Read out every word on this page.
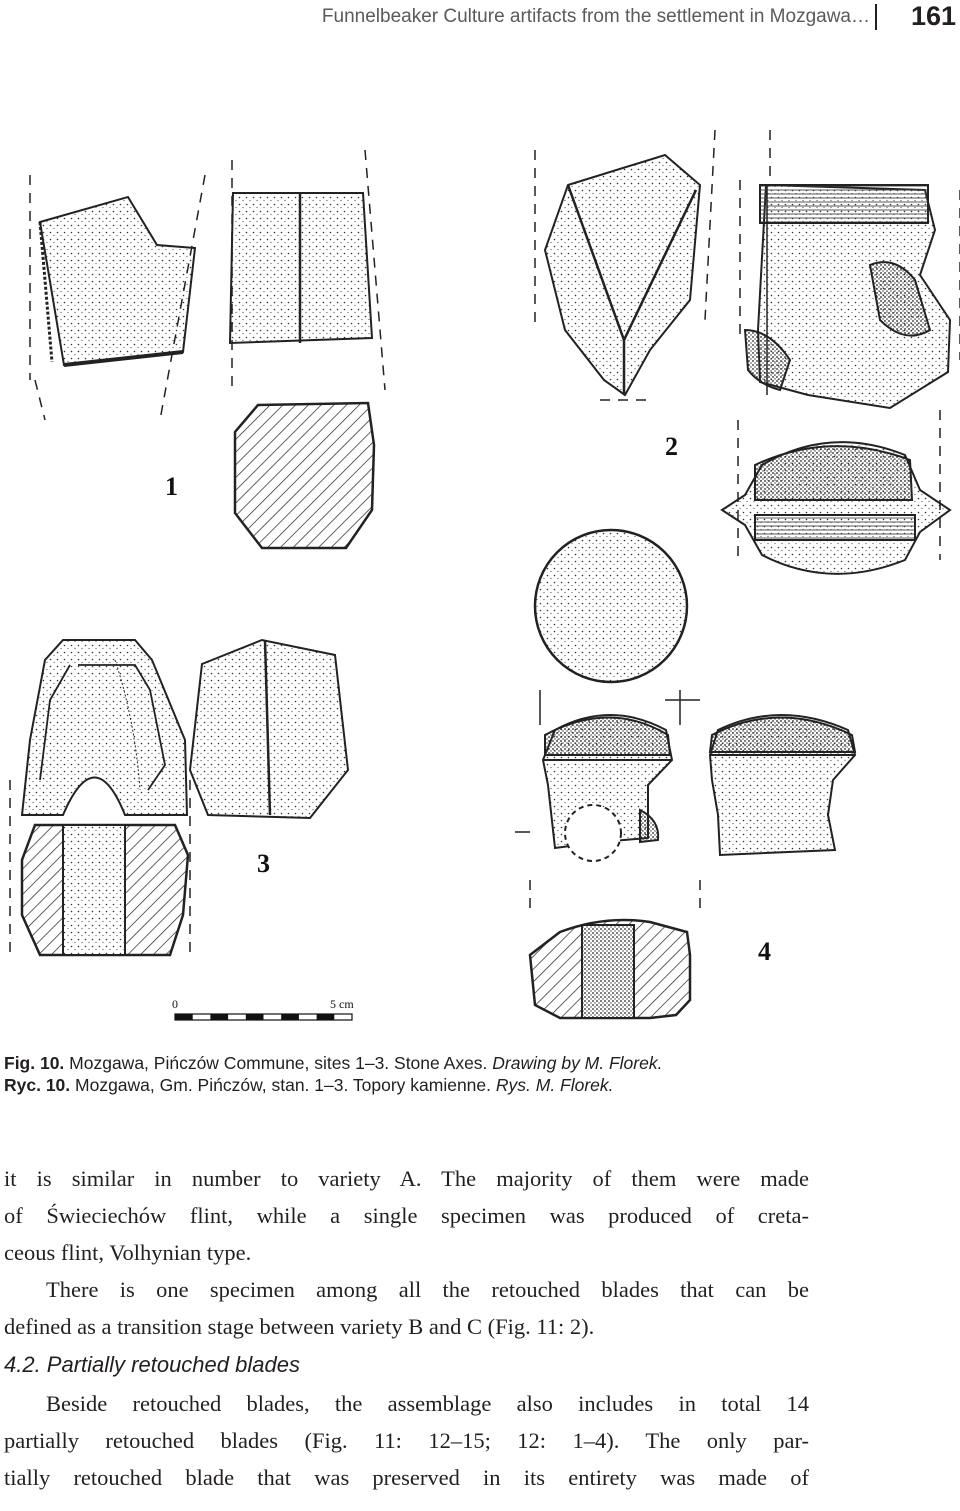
Funnelbeaker Culture artifacts from the settlement in Mozgawa… 161
0	5 cm
1
2
3
4
Fig. 10. Mozgawa, Pińczów Commune, sites 1–3. Stone Axes. Drawing by M. Florek.
Ryc. 10. Mozgawa, Gm. Pińczów, stan. 1–3. Topory kamienne. Rys. M. Florek.
it is similar in number to variety A. The majority of them were made
of Świeciechów flint, while a single specimen was produced of creta-
ceous flint, Volhynian type.
There is one specimen among all the retouched blades that can be
defined as a transition stage between variety B and C (Fig. 11: 2).
4.2. Partially retouched blades
Beside retouched blades, the assemblage also includes in total 14
partially retouched blades (Fig. 11: 12–15; 12: 1–4). The only par-
tially retouched blade that was preserved in its entirety was made of
